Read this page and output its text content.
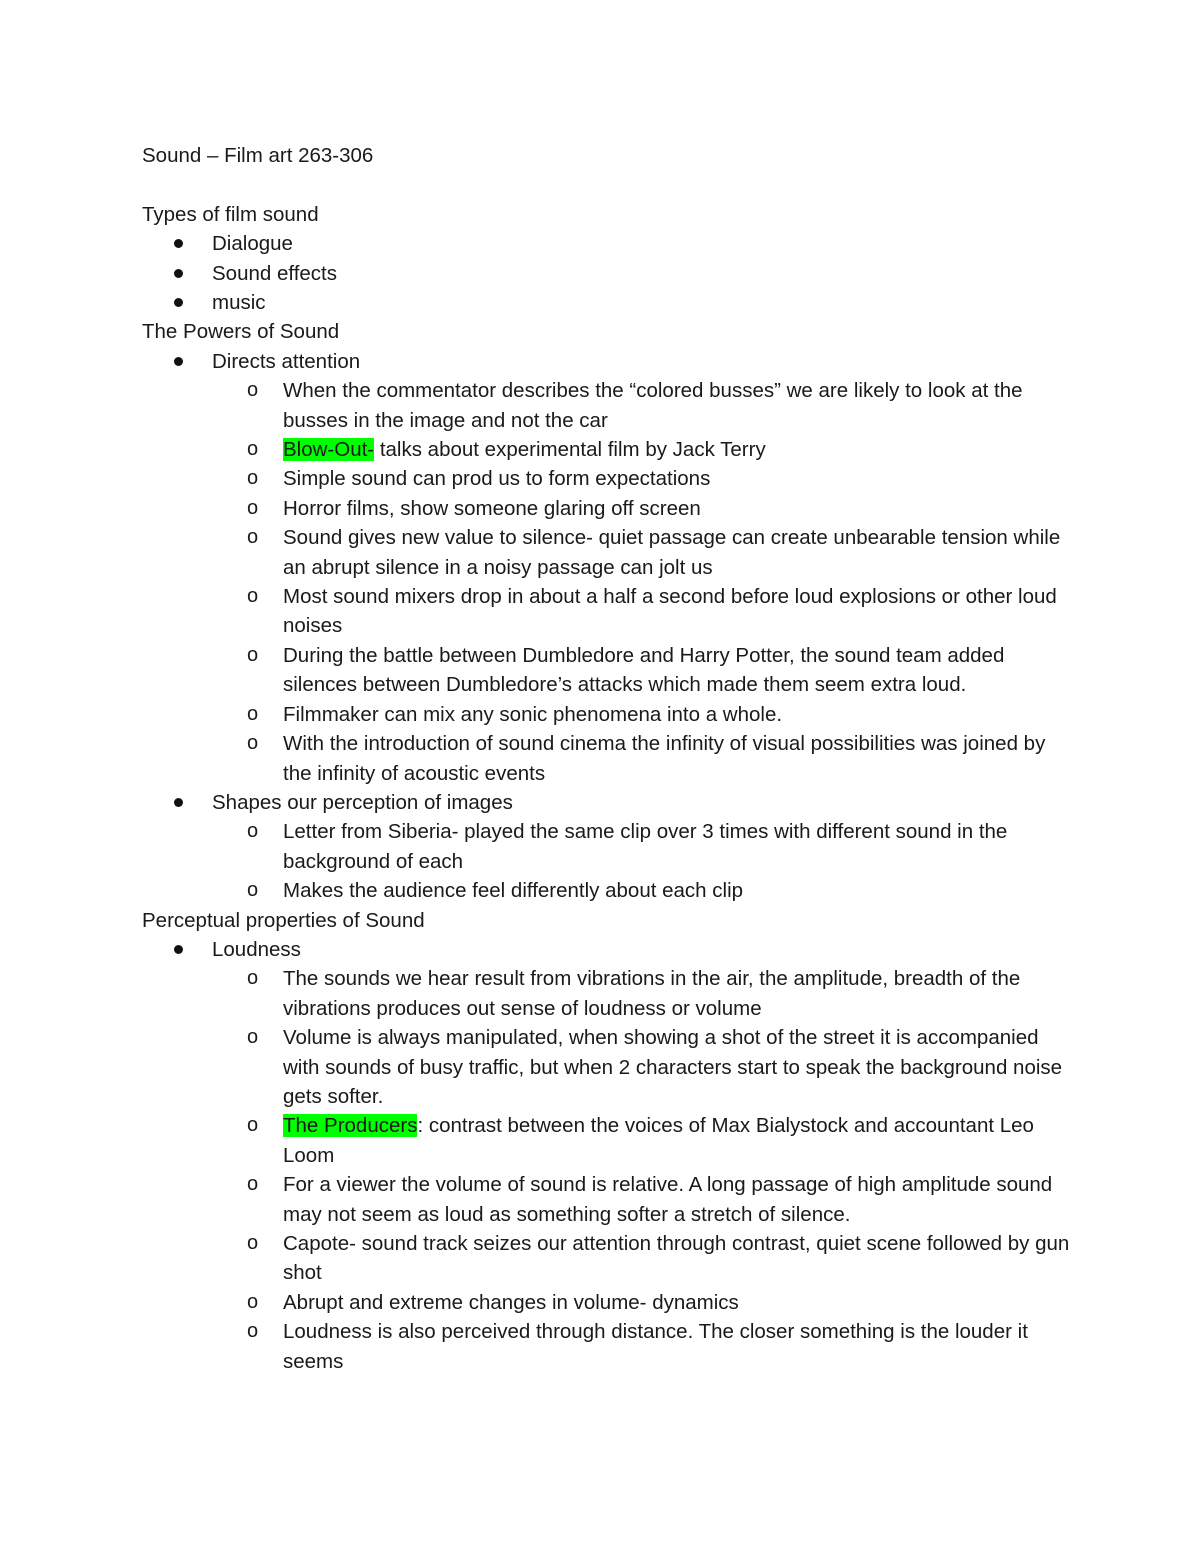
Sound – Film art 263-306
Types of film sound
Dialogue
Sound effects
music
The Powers of Sound
Directs attention
o When the commentator describes the “colored busses” we are likely to look at the busses in the image and not the car
o Blow-Out- talks about experimental film by Jack Terry
o Simple sound can prod us to form expectations
o Horror films, show someone glaring off screen
o Sound gives new value to silence- quiet passage can create unbearable tension while an abrupt silence in a noisy passage can jolt us
o Most sound mixers drop in about a half a second before loud explosions or other loud noises
o During the battle between Dumbledore and Harry Potter, the sound team added silences between Dumbledore’s attacks which made them seem extra loud.
o Filmmaker can mix any sonic phenomena into a whole.
o With the introduction of sound cinema the infinity of visual possibilities was joined by the infinity of acoustic events
Shapes our perception of images
o Letter from Siberia- played the same clip over 3 times with different sound in the background of each
o Makes the audience feel differently about each clip
Perceptual properties of Sound
Loudness
o The sounds we hear result from vibrations in the air, the amplitude, breadth of the vibrations produces out sense of loudness or volume
o Volume is always manipulated, when showing a shot of the street it is accompanied with sounds of busy traffic, but when 2 characters start to speak the background noise gets softer.
o The Producers: contrast between the voices of Max Bialystock and accountant Leo Loom
o For a viewer the volume of sound is relative. A long passage of high amplitude sound may not seem as loud as something softer a stretch of silence.
o Capote- sound track seizes our attention through contrast, quiet scene followed by gun shot
o Abrupt and extreme changes in volume- dynamics
o Loudness is also perceived through distance. The closer something is the louder it seems
